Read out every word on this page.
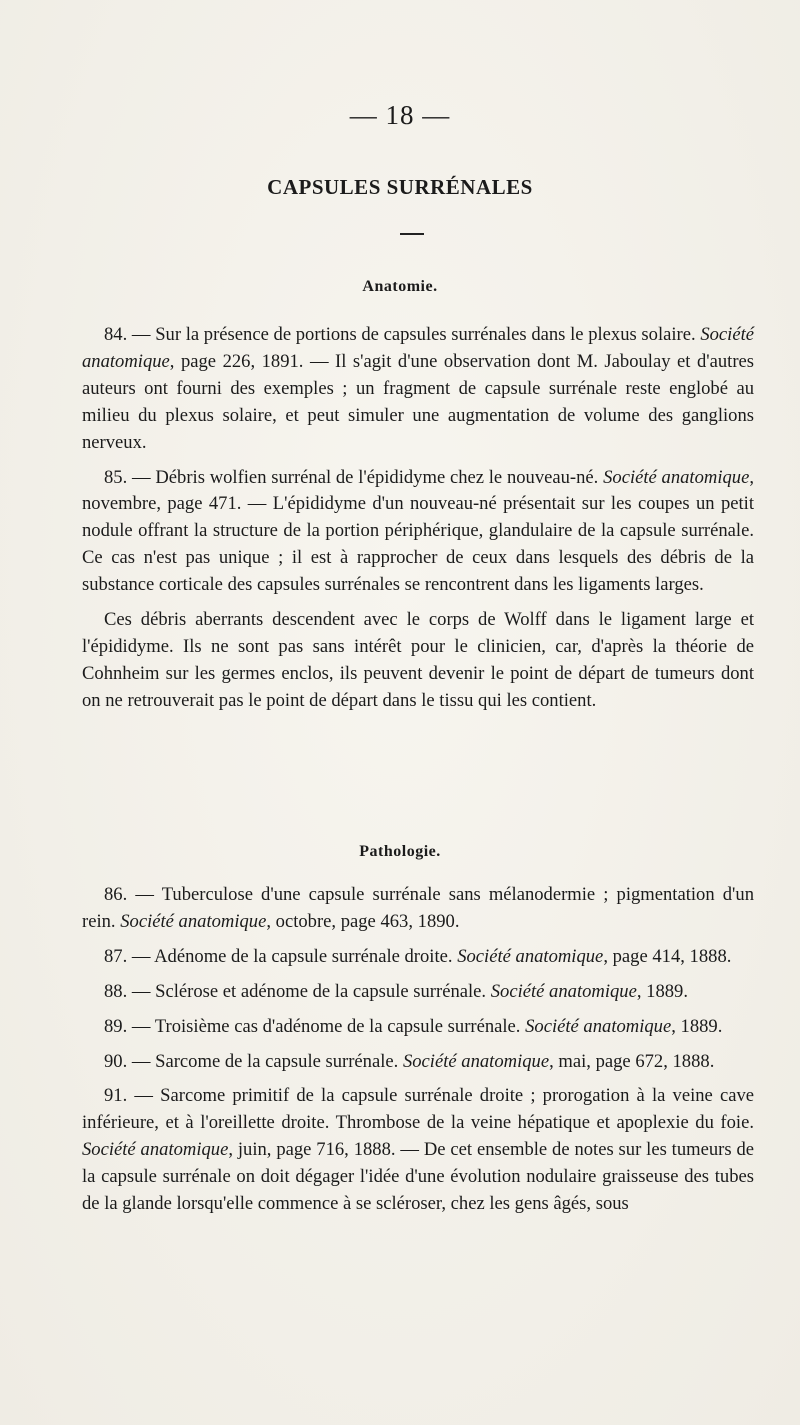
— 18 —
CAPSULES SURRÉNALES
Anatomie.

84. — Sur la présence de portions de capsules surrénales dans le plexus solaire. Société anatomique, page 226, 1891. — Il s'agit d'une observation dont M. Jaboulay et d'autres auteurs ont fourni des exemples ; un fragment de capsule surrénale reste englobé au milieu du plexus solaire, et peut simuler une augmentation de volume des ganglions nerveux.

85. — Débris wolfien surrénal de l'épididyme chez le nouveau-né. Société anatomique, novembre, page 471. — L'épididyme d'un nouveau-né présentait sur les coupes un petit nodule offrant la structure de la portion périphérique, glandulaire de la capsule surrénale. Ce cas n'est pas unique ; il est à rapprocher de ceux dans lesquels des débris de la substance corticale des capsules surrénales se rencontrent dans les ligaments larges.

Ces débris aberrants descendent avec le corps de Wolff dans le ligament large et l'épididyme. Ils ne sont pas sans intérêt pour le clinicien, car, d'après la théorie de Cohnheim sur les germes enclos, ils peuvent devenir le point de départ de tumeurs dont on ne retrouverait pas le point de départ dans le tissu qui les contient.

Pathologie.

86. — Tuberculose d'une capsule surrénale sans mélanodermie ; pigmentation d'un rein. Société anatomique, octobre, page 463, 1890.

87. — Adénome de la capsule surrénale droite. Société anatomique, page 414, 1888.

88. — Sclérose et adénome de la capsule surrénale. Société anatomique, 1889.

89. — Troisième cas d'adénome de la capsule surrénale. Société anatomique, 1889.

90. — Sarcome de la capsule surrénale. Société anatomique, mai, page 672, 1888.

91. — Sarcome primitif de la capsule surrénale droite ; prorogation à la veine cave inférieure, et à l'oreillette droite. Thrombose de la veine hépatique et apoplexie du foie. Société anatomique, juin, page 716, 1888. — De cet ensemble de notes sur les tumeurs de la capsule surrénale on doit dégager l'idée d'une évolution nodulaire graisseuse des tubes de la glande lorsqu'elle commence à se scléroser, chez les gens âgés, sous
